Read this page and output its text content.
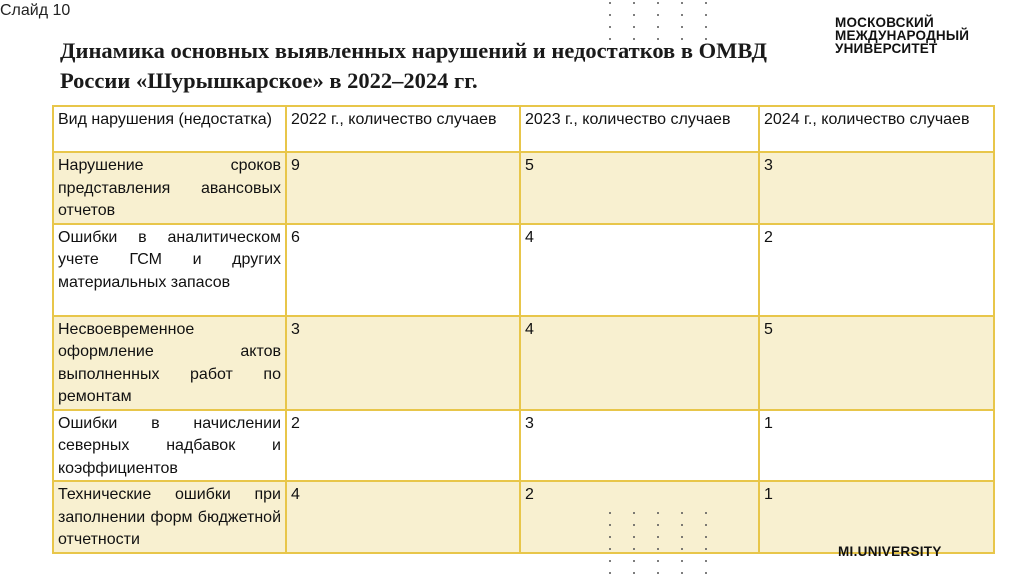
Слайд 10
Динамика основных выявленных нарушений и недостатков в ОМВД России «Шурышкарское» в 2022–2024 гг.
МОСКОВСКИЙ
МЕЖДУНАРОДНЫЙ
УНИВЕРСИТЕТ
Вид нарушения (недостатка)	2022 г., количество случаев	2023 г., количество случаев	2024 г., количество случаев
Нарушение сроков представления авансовых отчетов	9	5	3
Ошибки в аналитическом учете ГСМ и других материальных запасов	6	4	2
Несвоевременное оформление актов выполненных работ по ремонтам	3	4	5
Ошибки в начислении северных надбавок и коэффициентов	2	3	1
Технические ошибки при заполнении форм бюджетной отчетности	4	2	1
MI.UNIVERSITY
